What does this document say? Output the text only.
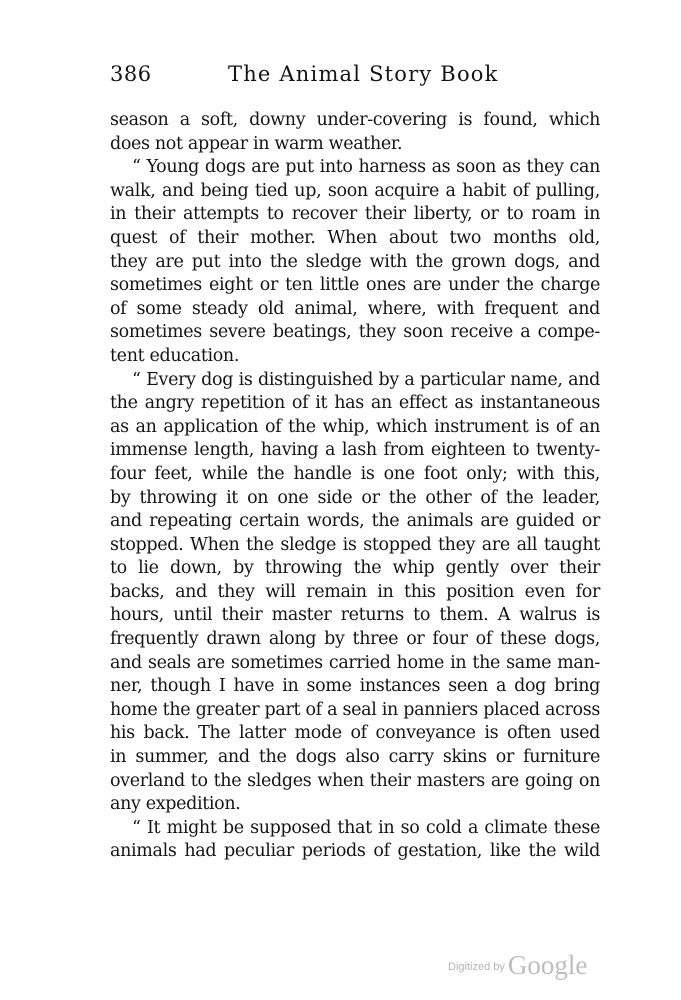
386	The Animal Story Book
season a soft, downy under-covering is found, which
does not appear in warm weather.
“ Young dogs are put into harness as soon as they can
walk, and being tied up, soon acquire a habit of pulling,
in their attempts to recover their liberty, or to roam in
quest of their mother. When about two months old,
they are put into the sledge with the grown dogs, and
sometimes eight or ten little ones are under the charge
of some steady old animal, where, with frequent and
sometimes severe beatings, they soon receive a compe-
tent education.
“ Every dog is distinguished by a particular name, and
the angry repetition of it has an effect as instantaneous
as an application of the whip, which instrument is of an
immense length, having a lash from eighteen to twenty-
four feet, while the handle is one foot only; with this,
by throwing it on one side or the other of the leader,
and repeating certain words, the animals are guided or
stopped. When the sledge is stopped they are all taught
to lie down, by throwing the whip gently over their
backs, and they will remain in this position even for
hours, until their master returns to them. A walrus is
frequently drawn along by three or four of these dogs,
and seals are sometimes carried home in the same man-
ner, though I have in some instances seen a dog bring
home the greater part of a seal in panniers placed across
his back. The latter mode of conveyance is often used
in summer, and the dogs also carry skins or furniture
overland to the sledges when their masters are going on
any expedition.
“ It might be supposed that in so cold a climate these
animals had peculiar periods of gestation, like the wild
$^{Digitized by}$ Google
